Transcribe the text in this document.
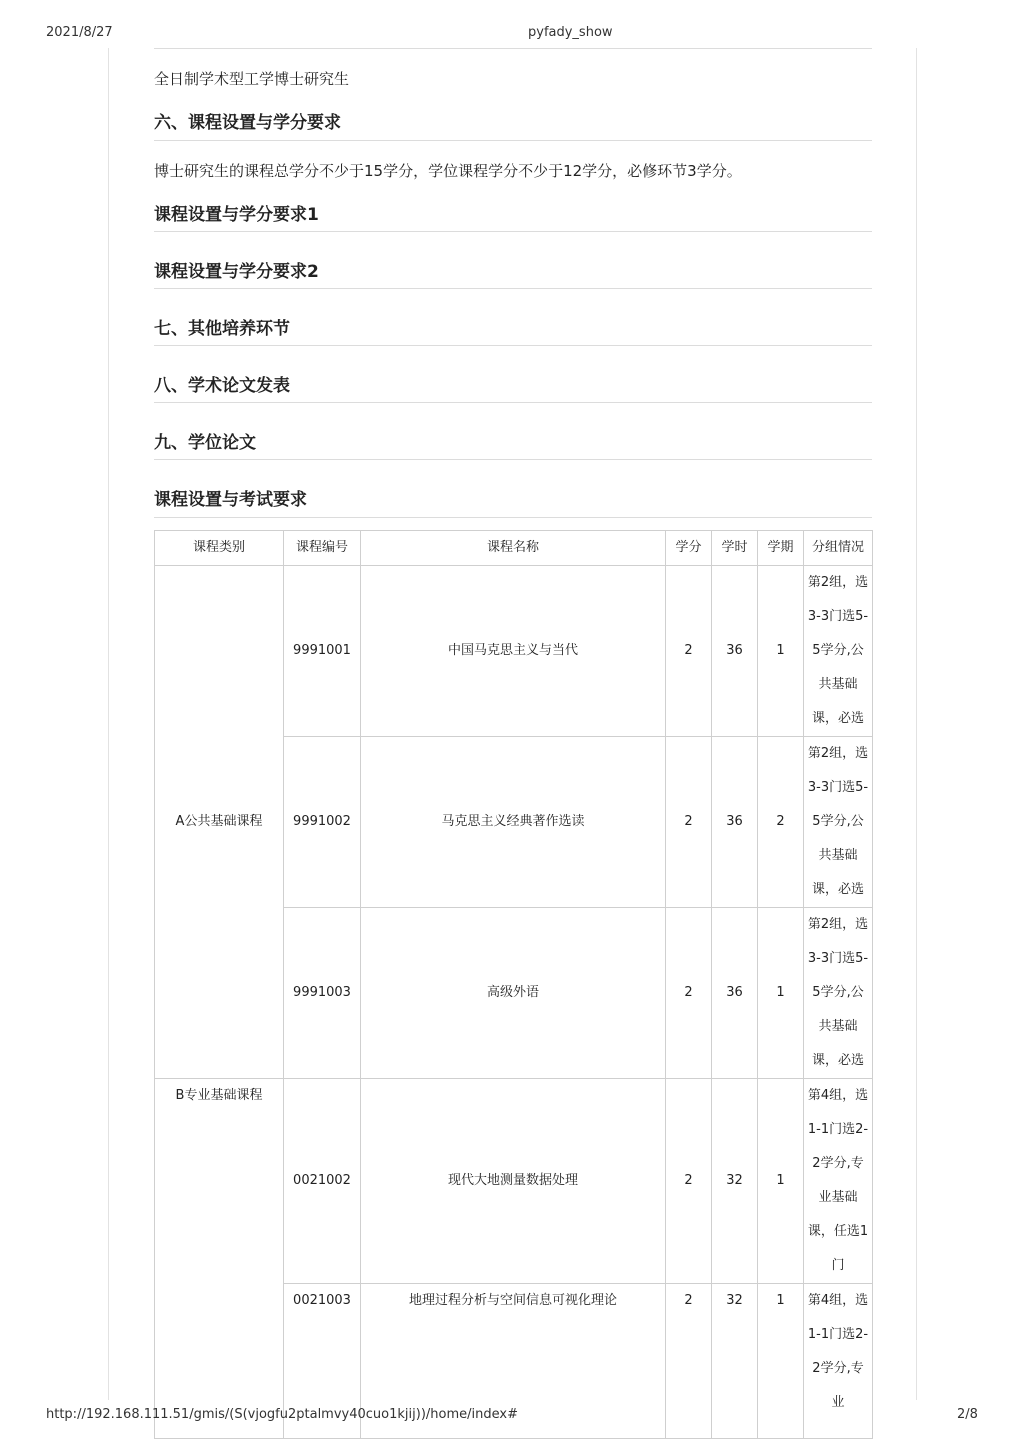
2021/8/27	pyfady_show

全日制学术型工学博士研究生

六、课程设置与学分要求

博士研究生的课程总学分不少于15学分，学位课程学分不少于12学分，必修环节3学分。

课程设置与学分要求1
课程设置与学分要求2
七、其他培养环节
八、学术论文发表
九、学位论文
课程设置与考试要求
课程类别	课程编号	课程名称	学分	学时	学期	分组情况
A公共基础课程	9991001	中国马克思主义与当代	2	36	1	第2组，选3-3门选5-5学分,公共基础课，必选
	9991002	马克思主义经典著作选读	2	36	2	第2组，选3-3门选5-5学分,公共基础课，必选
	9991003	高级外语	2	36	1	第2组，选3-3门选5-5学分,公共基础课，必选
B专业基础课程	0021002	现代大地测量数据处理	2	32	1	第4组，选1-1门选2-2学分,专业基础课，任选1门
	0021003	地理过程分析与空间信息可视化理论	2	32	1	第4组，选1-1门选2-2学分,专业
http://192.168.111.51/gmis/(S(vjogfu2ptalmvy40cuo1kjij))/home/index#	2/8
